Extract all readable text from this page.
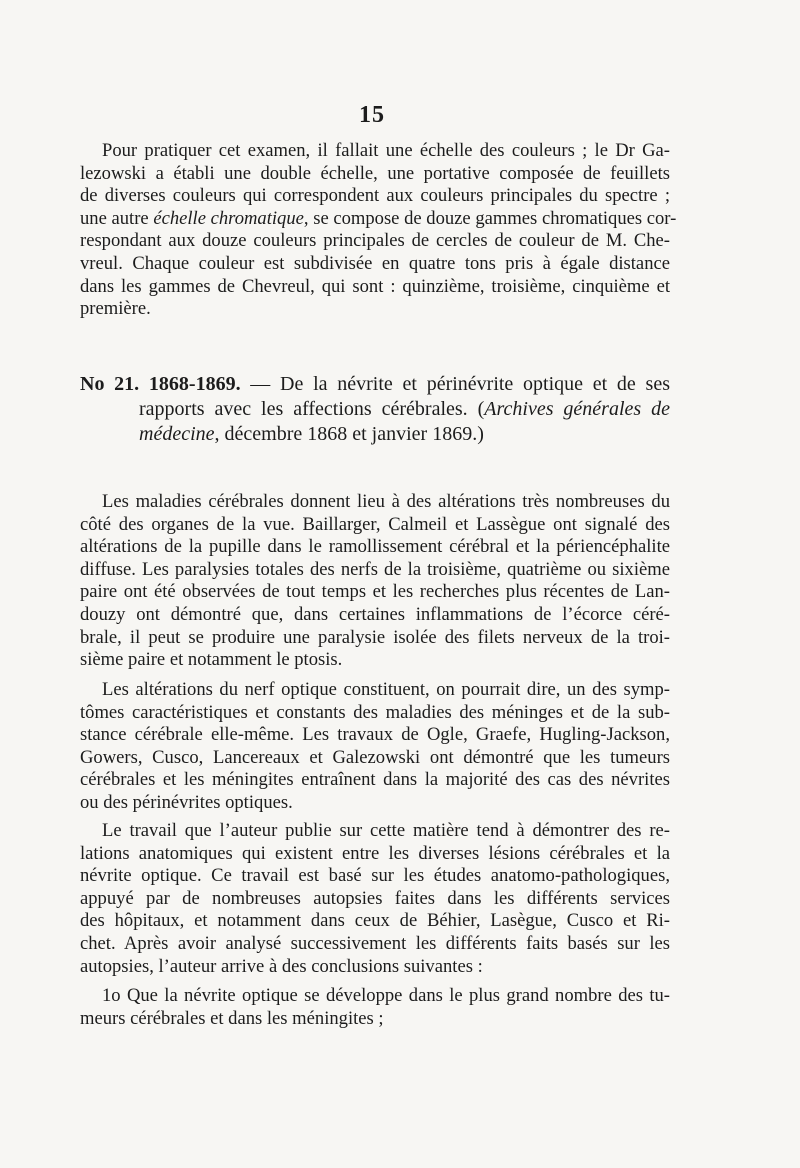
15
Pour pratiquer cet examen, il fallait une échelle des couleurs ; le Dr Ga-
lezowski a établi une double échelle, une portative composée de feuillets
de diverses couleurs qui correspondent aux couleurs principales du spectre ;
une autre échelle chromatique, se compose de douze gammes chromatiques cor-
respondant aux douze couleurs principales de cercles de couleur de M. Che-
vreul. Chaque couleur est subdivisée en quatre tons pris à égale distance
dans les gammes de Chevreul, qui sont : quinzième, troisième, cinquième et
première.
No 21. 1868-1869. — De la névrite et périnévrite optique et de ses
rapports avec les affections cérébrales. (Archives générales de
médecine, décembre 1868 et janvier 1869.)
Les maladies cérébrales donnent lieu à des altérations très nombreuses du
côté des organes de la vue. Baillarger, Calmeil et Lassègue ont signalé des
altérations de la pupille dans le ramollissement cérébral et la périencéphalite
diffuse. Les paralysies totales des nerfs de la troisième, quatrième ou sixième
paire ont été observées de tout temps et les recherches plus récentes de Lan-
douzy ont démontré que, dans certaines inflammations de l’écorce céré-
brale, il peut se produire une paralysie isolée des filets nerveux de la troi-
sième paire et notamment le ptosis.
Les altérations du nerf optique constituent, on pourrait dire, un des symp-
tômes caractéristiques et constants des maladies des méninges et de la sub-
stance cérébrale elle-même. Les travaux de Ogle, Graefe, Hugling-Jackson,
Gowers, Cusco, Lancereaux et Galezowski ont démontré que les tumeurs
cérébrales et les méningites entraînent dans la majorité des cas des névrites
ou des périnévrites optiques.
Le travail que l’auteur publie sur cette matière tend à démontrer des re-
lations anatomiques qui existent entre les diverses lésions cérébrales et la
névrite optique. Ce travail est basé sur les études anatomo-pathologiques,
appuyé par de nombreuses autopsies faites dans les différents services
des hôpitaux, et notamment dans ceux de Béhier, Lasègue, Cusco et Ri-
chet. Après avoir analysé successivement les différents faits basés sur les
autopsies, l’auteur arrive à des conclusions suivantes :
1o Que la névrite optique se développe dans le plus grand nombre des tu-
meurs cérébrales et dans les méningites ;
